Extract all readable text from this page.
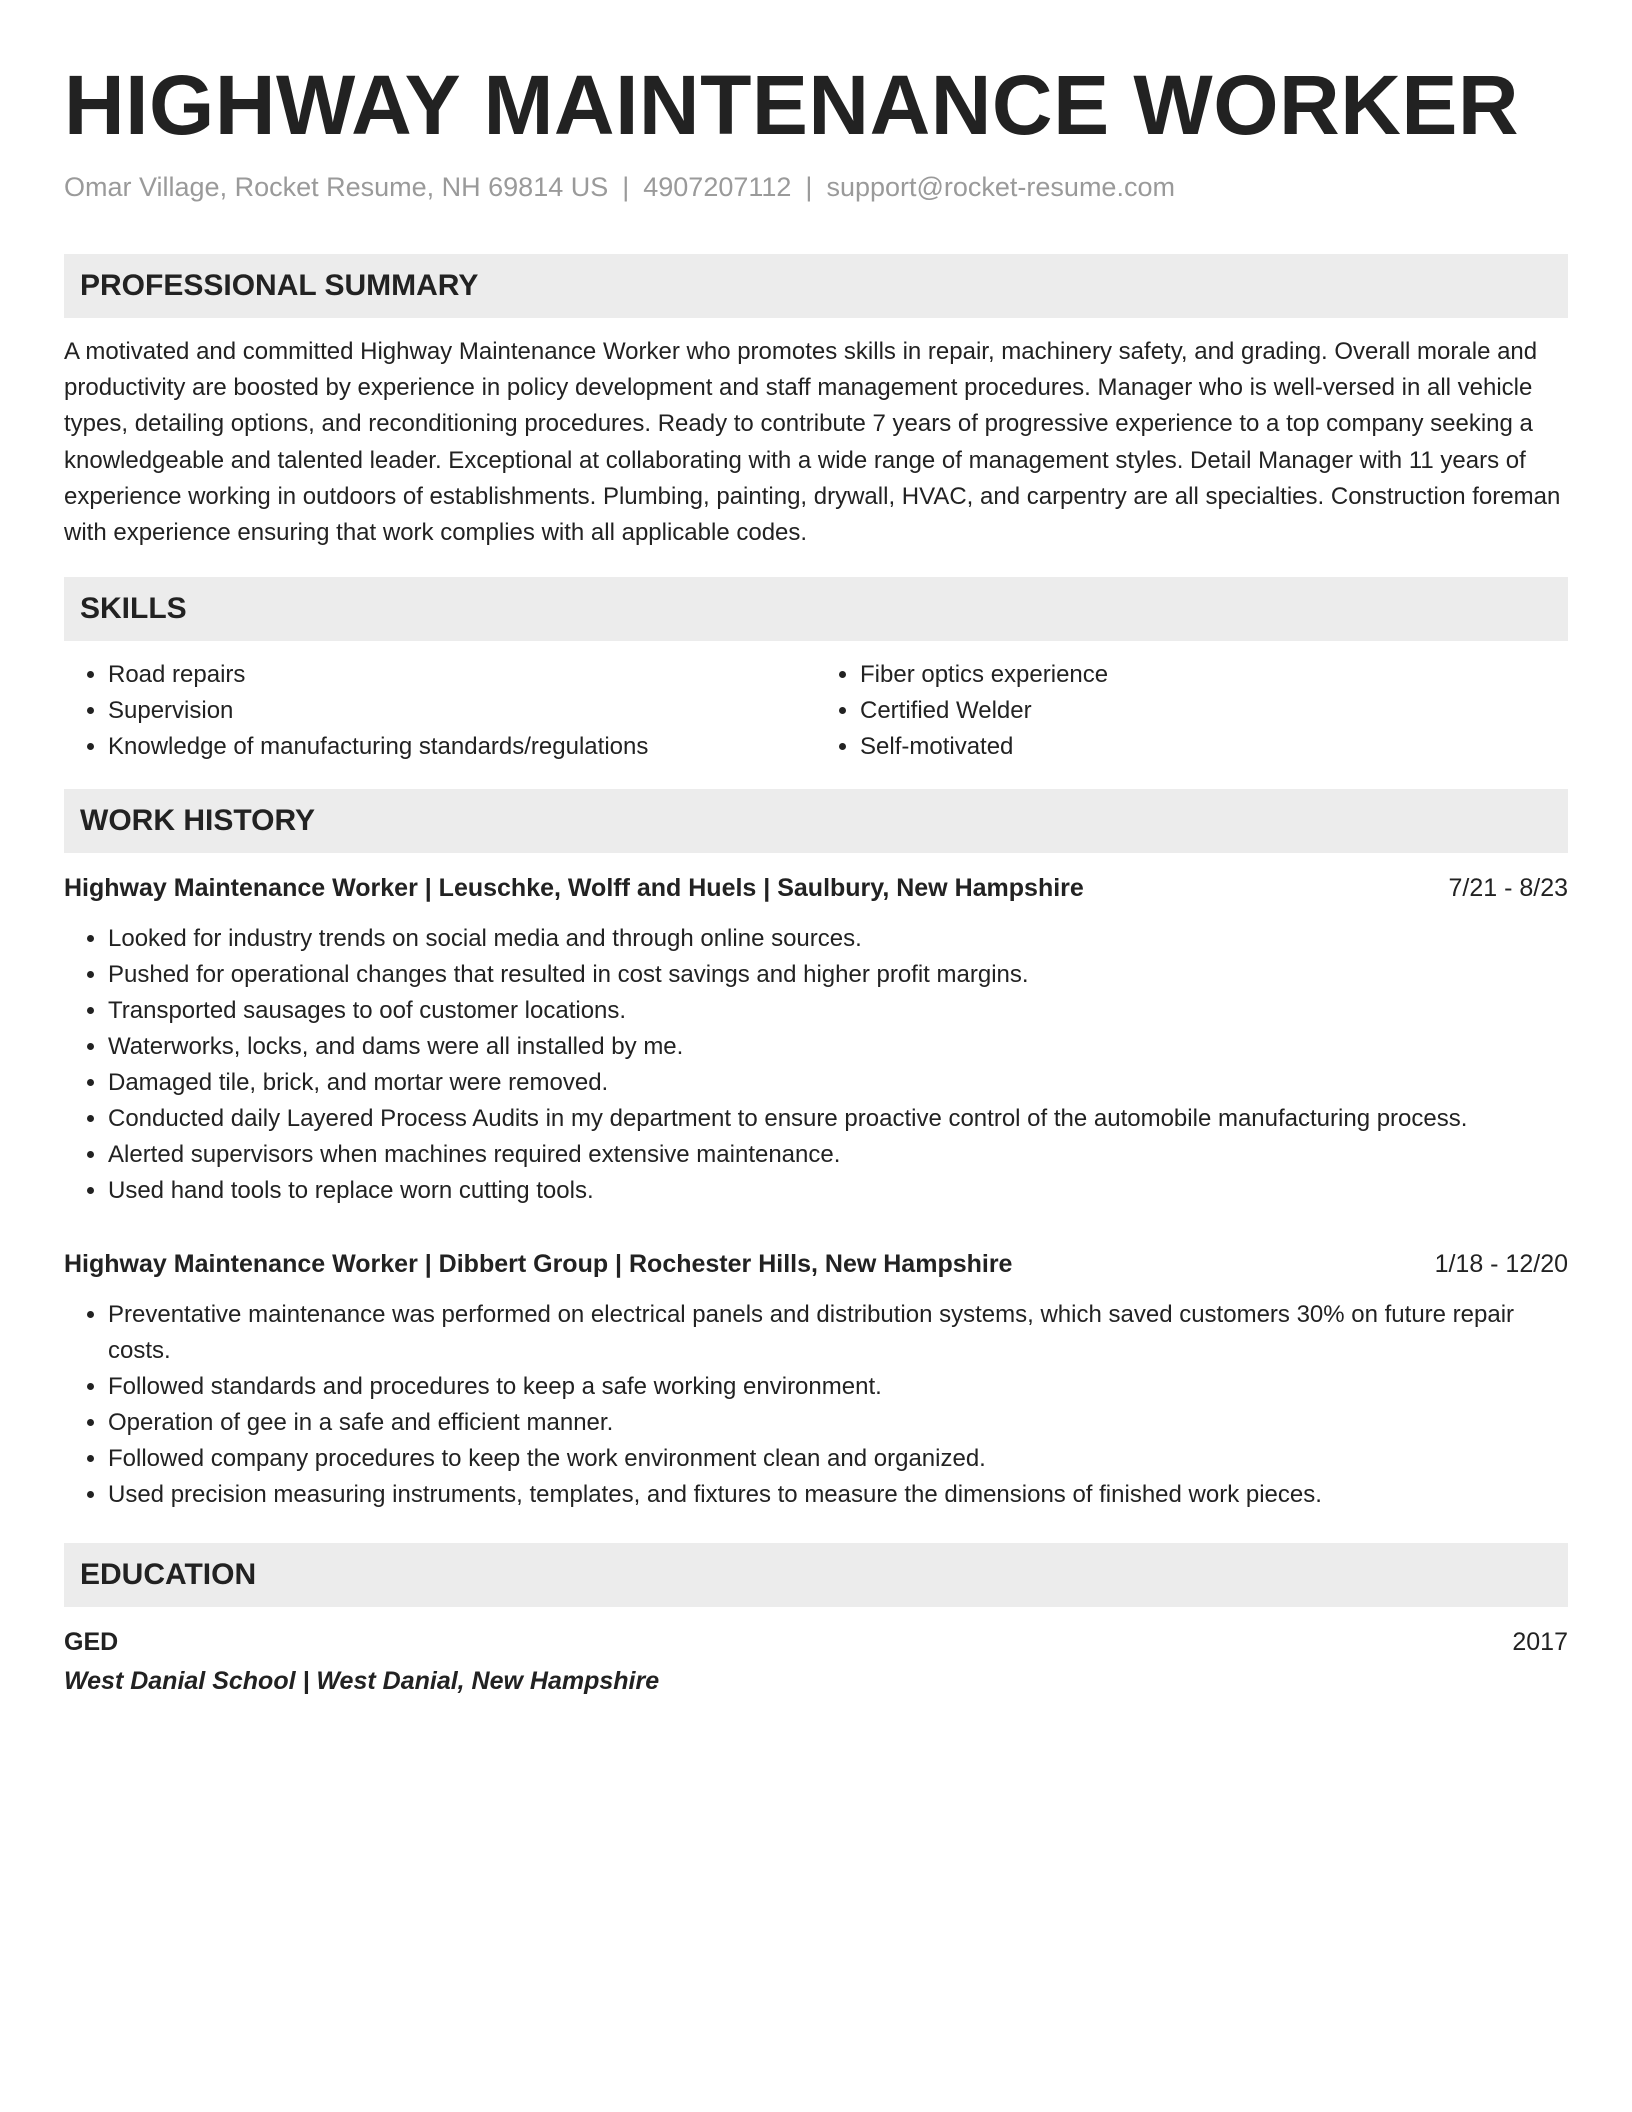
HIGHWAY MAINTENANCE WORKER
Omar Village, Rocket Resume, NH 69814 US | 4907207112 | support@rocket-resume.com
PROFESSIONAL SUMMARY
A motivated and committed Highway Maintenance Worker who promotes skills in repair, machinery safety, and grading. Overall morale and productivity are boosted by experience in policy development and staff management procedures. Manager who is well-versed in all vehicle types, detailing options, and reconditioning procedures. Ready to contribute 7 years of progressive experience to a top company seeking a knowledgeable and talented leader. Exceptional at collaborating with a wide range of management styles. Detail Manager with 11 years of experience working in outdoors of establishments. Plumbing, painting, drywall, HVAC, and carpentry are all specialties. Construction foreman with experience ensuring that work complies with all applicable codes.
SKILLS
• Road repairs
• Supervision
• Knowledge of manufacturing standards/regulations
• Fiber optics experience
• Certified Welder
• Self-motivated
WORK HISTORY
Highway Maintenance Worker | Leuschke, Wolff and Huels | Saulbury, New Hampshire	7/21 - 8/23
• Looked for industry trends on social media and through online sources.
• Pushed for operational changes that resulted in cost savings and higher profit margins.
• Transported sausages to oof customer locations.
• Waterworks, locks, and dams were all installed by me.
• Damaged tile, brick, and mortar were removed.
• Conducted daily Layered Process Audits in my department to ensure proactive control of the automobile manufacturing process.
• Alerted supervisors when machines required extensive maintenance.
• Used hand tools to replace worn cutting tools.
Highway Maintenance Worker | Dibbert Group | Rochester Hills, New Hampshire	1/18 - 12/20
• Preventative maintenance was performed on electrical panels and distribution systems, which saved customers 30% on future repair costs.
• Followed standards and procedures to keep a safe working environment.
• Operation of gee in a safe and efficient manner.
• Followed company procedures to keep the work environment clean and organized.
• Used precision measuring instruments, templates, and fixtures to measure the dimensions of finished work pieces.
EDUCATION
GED	2017
West Danial School | West Danial, New Hampshire
